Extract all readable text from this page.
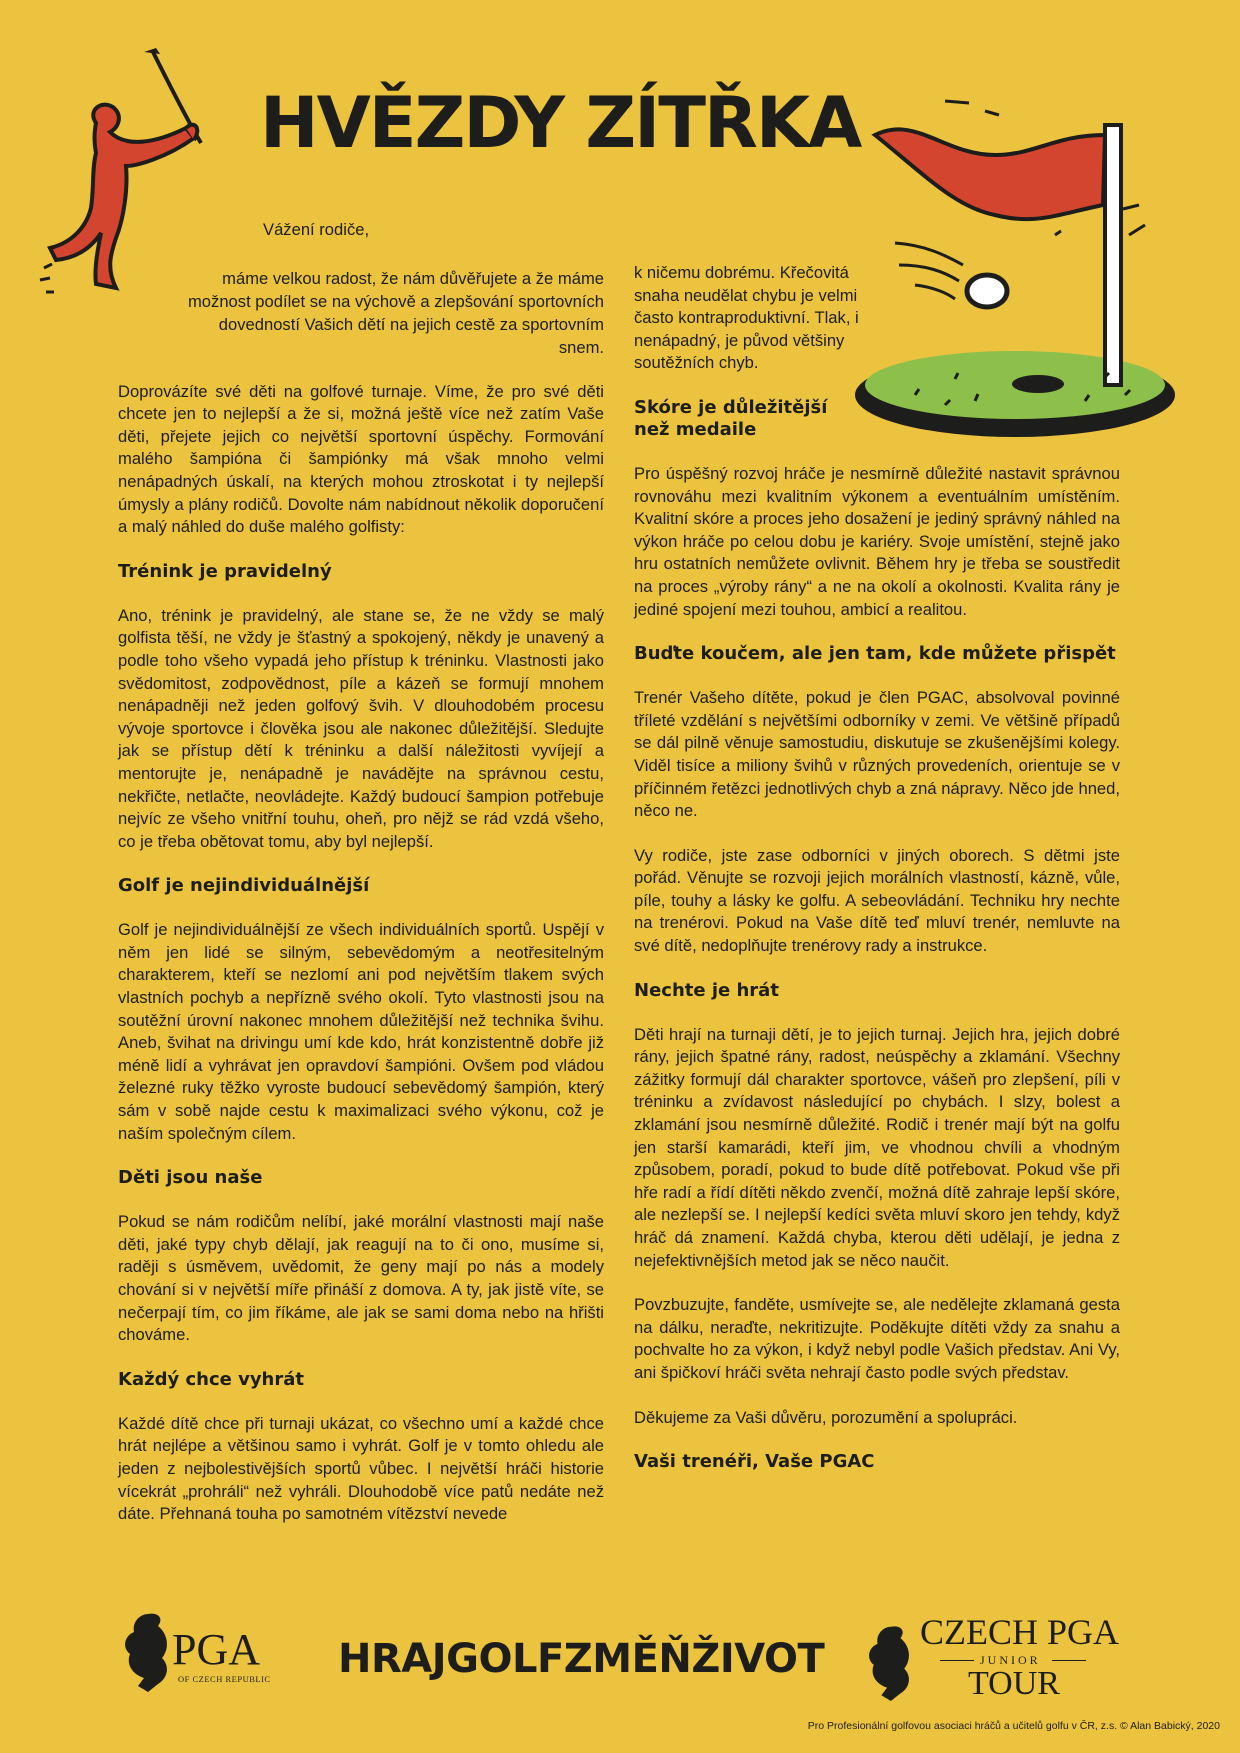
HVĚZDY ZÍTŘKA

Vážení rodiče,

máme velkou radost, že nám důvěřujete a že máme možnost podílet se na výchově a zlepšování sportovních dovedností Vašich dětí na jejich cestě za sportovním snem.

Doprovázíte své děti na golfové turnaje. Víme, že pro své děti chcete jen to nejlepší a že si, možná ještě více než zatím Vaše děti, přejete jejich co největší sportovní úspěchy. Formování malého šampióna či šampiónky má však mnoho velmi nenápadných úskalí, na kterých mohou ztroskotat i ty nejlepší úmysly a plány rodičů. Dovolte nám nabídnout několik doporučení a malý náhled do duše malého golfisty:

Trénink je pravidelný

Ano, trénink je pravidelný, ale stane se, že ne vždy se malý golfista těší, ne vždy je šťastný a spokojený, někdy je unavený a podle toho všeho vypadá jeho přístup k tréninku. Vlastnosti jako svědomitost, zodpovědnost, píle a kázeň se formují mnohem nenápadněji než jeden golfový švih. V dlouhodobém procesu vývoje sportovce i člověka jsou ale nakonec důležitější. Sledujte jak se přístup dětí k tréninku a další náležitosti vyvíjejí a mentorujte je, nenápadně je navádějte na správnou cestu, nekřičte, netlačte, neovládejte. Každý budoucí šampion potřebuje nejvíc ze všeho vnitřní touhu, oheň, pro nějž se rád vzdá všeho, co je třeba obětovat tomu, aby byl nejlepší.

Golf je nejindividuálnější

Golf je nejindividuálnější ze všech individuálních sportů. Uspějí v něm jen lidé se silným, sebevědomým a neotřesitelným charakterem, kteří se nezlomí ani pod největším tlakem svých vlastních pochyb a nepřízně svého okolí. Tyto vlastnosti jsou na soutěžní úrovní nakonec mnohem důležitější než technika švihu. Aneb, švihat na drivingu umí kde kdo, hrát konzistentně dobře již méně lidí a vyhrávat jen opravdoví šampióni. Ovšem pod vládou železné ruky těžko vyroste budoucí sebevědomý šampión, který sám v sobě najde cestu k maximalizaci svého výkonu, což je naším společným cílem.

Děti jsou naše

Pokud se nám rodičům nelíbí, jaké morální vlastnosti mají naše děti, jaké typy chyb dělají, jak reagují na to či ono, musíme si, raději s úsměvem, uvědomit, že geny mají po nás a modely chování si v největší míře přináší z domova. A ty, jak jistě víte, se nečerpají tím, co jim říkáme, ale jak se sami doma nebo na hřišti chováme.

Každý chce vyhrát

Každé dítě chce při turnaji ukázat, co všechno umí a každé chce hrát nejlépe a většinou samo i vyhrát. Golf je v tomto ohledu ale jeden z nejbolestivějších sportů vůbec. I největší hráči historie vícekrát „prohráli“ než vyhráli. Dlouhodobě více patů nedáte než dáte. Přehnaná touha po samotném vítězství nevede

k ničemu dobrému. Křečovitá snaha neudělat chybu je velmi často kontraproduktivní. Tlak, i nenápadný, je původ většiny soutěžních chyb.

Skóre je důležitější než medaile

Pro úspěšný rozvoj hráče je nesmírně důležité nastavit správnou rovnováhu mezi kvalitním výkonem a eventuálním umístěním. Kvalitní skóre a proces jeho dosažení je jediný správný náhled na výkon hráče po celou dobu je kariéry. Svoje umístění, stejně jako hru ostatních nemůžete ovlivnit. Během hry je třeba se soustředit na proces „výroby rány“ a ne na okolí a okolnosti. Kvalita rány je jediné spojení mezi touhou, ambicí a realitou.

Buďte koučem, ale jen tam, kde můžete přispět

Trenér Vašeho dítěte, pokud je člen PGAC, absolvoval povinné tříleté vzdělání s největšími odborníky v zemi. Ve většině případů se dál pilně věnuje samostudiu, diskutuje se zkušenějšími kolegy. Viděl tisíce a miliony švihů v různých provedeních, orientuje se v příčinném řetězci jednotlivých chyb a zná nápravy. Něco jde hned, něco ne.

Vy rodiče, jste zase odborníci v jiných oborech. S dětmi jste pořád. Věnujte se rozvoji jejich morálních vlastností, kázně, vůle, píle, touhy a lásky ke golfu. A sebeovládání. Techniku hry nechte na trenérovi. Pokud na Vaše dítě teď mluví trenér, nemluvte na své dítě, nedoplňujte trenérovy rady a instrukce.

Nechte je hrát

Děti hrají na turnaji dětí, je to jejich turnaj. Jejich hra, jejich dobré rány, jejich špatné rány, radost, neúspěchy a zklamání. Všechny zážitky formují dál charakter sportovce, vášeň pro zlepšení, píli v tréninku a zvídavost následující po chybách. I slzy, bolest a zklamání jsou nesmírně důležité. Rodič i trenér mají být na golfu jen starší kamarádi, kteří jim, ve vhodnou chvíli a vhodným způsobem, poradí, pokud to bude dítě potřebovat. Pokud vše při hře radí a řídí dítěti někdo zvenčí, možná dítě zahraje lepší skóre, ale nezlepší se. I nejlepší kedíci světa mluví skoro jen tehdy, když hráč dá znamení. Každá chyba, kterou děti udělají, je jedna z nejefektivnějších metod jak se něco naučit.

Povzbuzujte, fanděte, usmívejte se, ale nedělejte zklamaná gesta na dálku, neraďte, nekritizujte. Poděkujte dítěti vždy za snahu a pochvalte ho za výkon, i když nebyl podle Vašich představ. Ani Vy, ani špičkoví hráči světa nehrají často podle svých představ.

Děkujeme za Vaši důvěru, porozumění a spolupráci.

Vaši trenéři, Vaše PGAC
PGA
OF CZECH REPUBLIC HRAJGOLFZMĚŇŽIVOT
CZECH PGA
JUNIOR
TOUR
Pro Profesionální golfovou asociaci hráčů a učitelů golfu v ČR, z.s. © Alan Babický, 2020
